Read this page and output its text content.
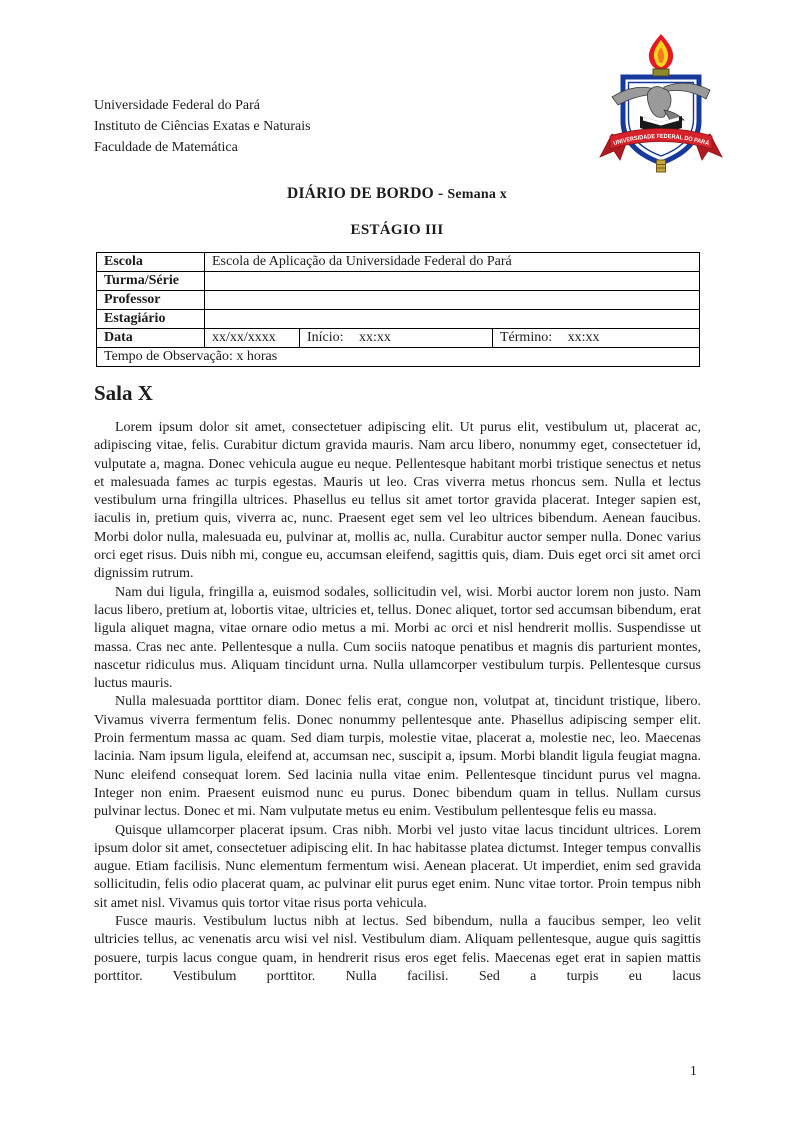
Universidade Federal do Pará
Instituto de Ciências Exatas e Naturais
Faculdade de Matemática	UNIVERSIDADE FEDERAL DO PARÁ
DIÁRIO DE BORDO - Semana x
ESTÁGIO III
Escola	Escola de Aplicação da Universidade Federal do Pará		
Turma/Série			
Professor			
Estagiário			
Data	xx/xx/xxxx	Início: xx:xx	Término: xx:xx
Tempo de Observação: x horas			
Sala X

Lorem ipsum dolor sit amet, consectetuer adipiscing elit. Ut purus elit, vestibulum ut, placerat ac, adipiscing vitae, felis. Curabitur dictum gravida mauris. Nam arcu libero, nonummy eget, consectetuer id, vulputate a, magna. Donec vehicula augue eu neque. Pellentesque habitant morbi tristique senectus et netus et malesuada fames ac turpis egestas. Mauris ut leo. Cras viverra metus rhoncus sem. Nulla et lectus vestibulum urna fringilla ultrices. Phasellus eu tellus sit amet tortor gravida placerat. Integer sapien est, iaculis in, pretium quis, viverra ac, nunc. Praesent eget sem vel leo ultrices bibendum. Aenean faucibus. Morbi dolor nulla, malesuada eu, pulvinar at, mollis ac, nulla. Curabitur auctor semper nulla. Donec varius orci eget risus. Duis nibh mi, congue eu, accumsan eleifend, sagittis quis, diam. Duis eget orci sit amet orci dignissim rutrum.

Nam dui ligula, fringilla a, euismod sodales, sollicitudin vel, wisi. Morbi auctor lorem non justo. Nam lacus libero, pretium at, lobortis vitae, ultricies et, tellus. Donec aliquet, tortor sed accumsan bibendum, erat ligula aliquet magna, vitae ornare odio metus a mi. Morbi ac orci et nisl hendrerit mollis. Suspendisse ut massa. Cras nec ante. Pellentesque a nulla. Cum sociis natoque penatibus et magnis dis parturient montes, nascetur ridiculus mus. Aliquam tincidunt urna. Nulla ullamcorper vestibulum turpis. Pellentesque cursus luctus mauris.

Nulla malesuada porttitor diam. Donec felis erat, congue non, volutpat at, tincidunt tristique, libero. Vivamus viverra fermentum felis. Donec nonummy pellentesque ante. Phasellus adipiscing semper elit. Proin fermentum massa ac quam. Sed diam turpis, molestie vitae, placerat a, molestie nec, leo. Maecenas lacinia. Nam ipsum ligula, eleifend at, accumsan nec, suscipit a, ipsum. Morbi blandit ligula feugiat magna. Nunc eleifend consequat lorem. Sed lacinia nulla vitae enim. Pellentesque tincidunt purus vel magna. Integer non enim. Praesent euismod nunc eu purus. Donec bibendum quam in tellus. Nullam cursus pulvinar lectus. Donec et mi. Nam vulputate metus eu enim. Vestibulum pellentesque felis eu massa.

Quisque ullamcorper placerat ipsum. Cras nibh. Morbi vel justo vitae lacus tincidunt ultrices. Lorem ipsum dolor sit amet, consectetuer adipiscing elit. In hac habitasse platea dictumst. Integer tempus convallis augue. Etiam facilisis. Nunc elementum fermentum wisi. Aenean placerat. Ut imperdiet, enim sed gravida sollicitudin, felis odio placerat quam, ac pulvinar elit purus eget enim. Nunc vitae tortor. Proin tempus nibh sit amet nisl. Vivamus quis tortor vitae risus porta vehicula.

Fusce mauris. Vestibulum luctus nibh at lectus. Sed bibendum, nulla a faucibus semper, leo velit ultricies tellus, ac venenatis arcu wisi vel nisl. Vestibulum diam. Aliquam pellentesque, augue quis sagittis posuere, turpis lacus congue quam, in hendrerit risus eros eget felis. Maecenas eget erat in sapien mattis porttitor. Vestibulum porttitor. Nulla facilisi. Sed a turpis eu lacus

1
